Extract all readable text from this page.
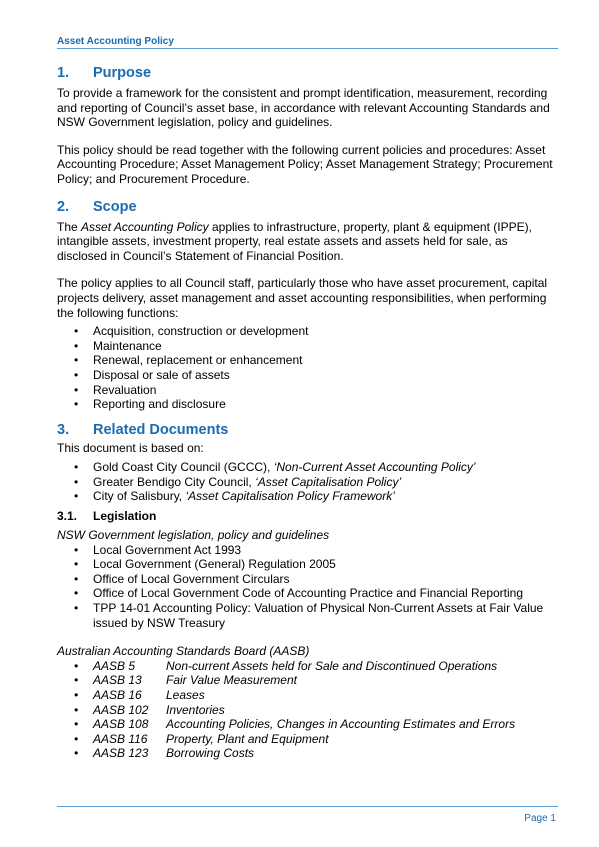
Asset Accounting Policy
1.	Purpose

To provide a framework for the consistent and prompt identification, measurement, recording and reporting of Council’s asset base, in accordance with relevant Accounting Standards and NSW Government legislation, policy and guidelines.

This policy should be read together with the following current policies and procedures: Asset Accounting Procedure; Asset Management Policy; Asset Management Strategy; Procurement Policy; and Procurement Procedure.

2.	Scope

The Asset Accounting Policy applies to infrastructure, property, plant & equipment (IPPE), intangible assets, investment property, real estate assets and assets held for sale, as disclosed in Council’s Statement of Financial Position.

The policy applies to all Council staff, particularly those who have asset procurement, capital projects delivery, asset management and asset accounting responsibilities, when performing the following functions:

• Acquisition, construction or development
• Maintenance
• Renewal, replacement or enhancement
• Disposal or sale of assets
• Revaluation
• Reporting and disclosure
3.	Related Documents

This document is based on:

• Gold Coast City Council (GCCC), ‘Non-Current Asset Accounting Policy’
• Greater Bendigo City Council, ‘Asset Capitalisation Policy’
• City of Salisbury, ‘Asset Capitalisation Policy Framework’
3.1.	Legislation

NSW Government legislation, policy and guidelines

• Local Government Act 1993
• Local Government (General) Regulation 2005
• Office of Local Government Circulars
• Office of Local Government Code of Accounting Practice and Financial Reporting
• TPP 14-01 Accounting Policy: Valuation of Physical Non-Current Assets at Fair Value issued by NSW Treasury

Australian Accounting Standards Board (AASB)

• AASB 5	Non-current Assets held for Sale and Discontinued Operations
• AASB 13 Fair Value Measurement
• AASB 16 Leases
• AASB 102 Inventories
• AASB 108 Accounting Policies, Changes in Accounting Estimates and Errors
• AASB 116 Property, Plant and Equipment
• AASB 123 Borrowing Costs
Page 1
